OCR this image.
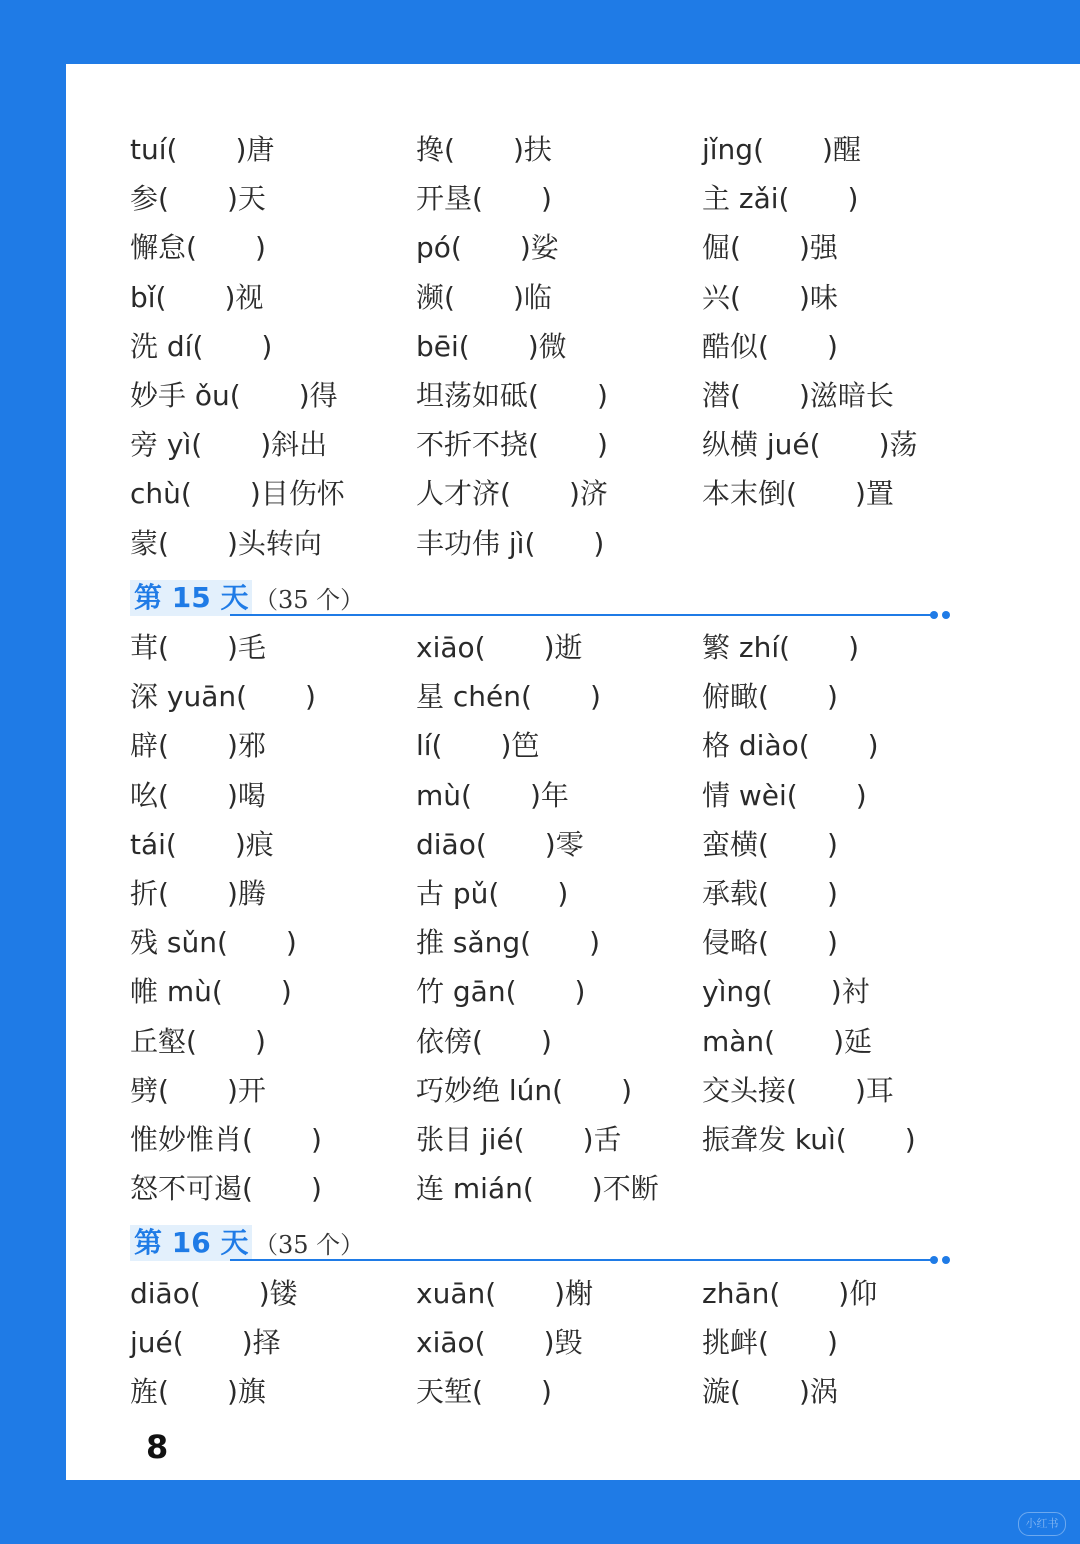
tuí( )唐	搀( )扶	jǐng( )醒
参( )天	开垦( )	主 zǎi( )
懈怠( )	pó( )娑	倔( )强
bǐ( )视	濒( )临	兴( )味
洗 dí( )	bēi( )微	酷似( )
妙手 ǒu( )得	坦荡如砥( )	潜( )滋暗长
旁 yì( )斜出	不折不挠( )	纵横 jué( )荡
chù( )目伤怀	人才济( )济	本末倒( )置
蒙( )头转向	丰功伟 jì( )
茸( )毛	xiāo( )逝	繁 zhí( )
深 yuān( )	星 chén( )	俯瞰( )
辟( )邪	lí( )笆	格 diào( )
吆( )喝	mù( )年	情 wèi( )
tái( )痕	diāo( )零	蛮横( )
折( )腾	古 pǔ( )	承载( )
残 sǔn( )	推 sǎng( )	侵略( )
帷 mù( )	竹 gān( )	yìng( )衬
丘壑( )	依傍( )	màn( )延
劈( )开	巧妙绝 lún( ) 交头接( )耳
惟妙惟肖( )	张目 jié( )舌	振聋发 kuì( )
怒不可遏( )	连 mián( )不断
diāo( )镂	xuān( )榭	zhān( )仰
jué( )择	xiāo( )毁	挑衅( )
旌( )旗	天堑( )	漩( )涡
第 15 天 （35 个）
第 16 天 （35 个）
8
小红书
